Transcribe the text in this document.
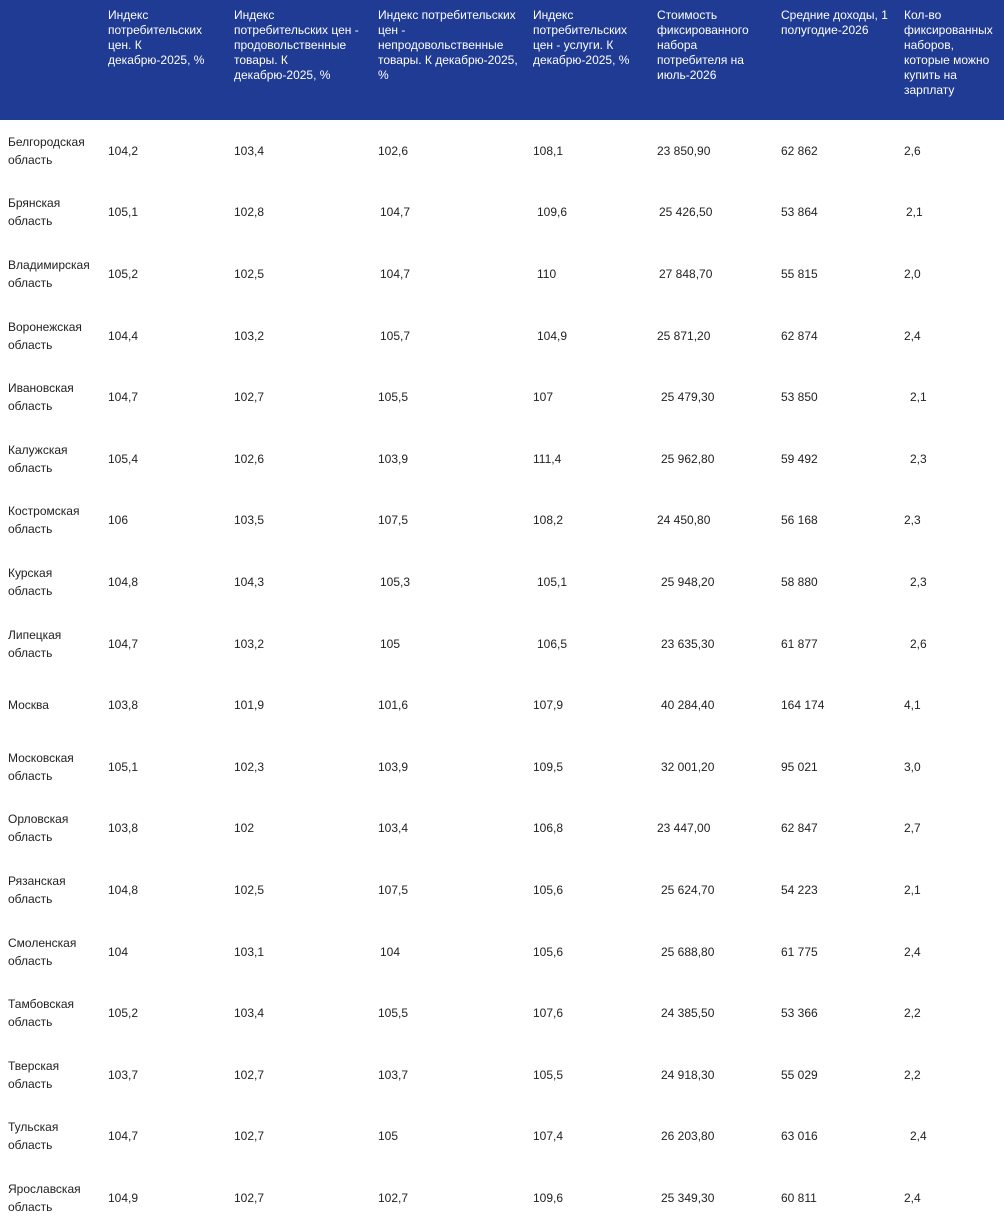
	Индекс потребительских цен. К декабрю-2025, %	Индекс потребительских цен - продовольственные товары. К декабрю-2025, %	Индекс потребительских цен - непродовольственные товары. К декабрю-2025, %	Индекс потребительских цен - услуги. К декабрю-2025, %	Стоимость фиксированного набора потребителя на июль-2026	Средние доходы, 1 полугодие-2026	Кол-во фиксированных наборов, которые можно купить на зарплату
Белгородская область	104,2	103,4	102,6	108,1	23 850,90	62 862	2,6
Брянская область	105,1	102,8	104,7	109,6	25 426,50	53 864	2,1
Владимирская область	105,2	102,5	104,7	110	27 848,70	55 815	2,0
Воронежская область	104,4	103,2	105,7	104,9	25 871,20	62 874	2,4
Ивановская область	104,7	102,7	105,5	107	25 479,30	53 850	2,1
Калужская область	105,4	102,6	103,9	111,4	25 962,80	59 492	2,3
Костромская область	106	103,5	107,5	108,2	24 450,80	56 168	2,3
Курская область	104,8	104,3	105,3	105,1	25 948,20	58 880	2,3
Липецкая область	104,7	103,2	105	106,5	23 635,30	61 877	2,6
Москва	103,8	101,9	101,6	107,9	40 284,40	164 174	4,1
Московская область	105,1	102,3	103,9	109,5	32 001,20	95 021	3,0
Орловская область	103,8	102	103,4	106,8	23 447,00	62 847	2,7
Рязанская область	104,8	102,5	107,5	105,6	25 624,70	54 223	2,1
Смоленская область	104	103,1	104	105,6	25 688,80	61 775	2,4
Тамбовская область	105,2	103,4	105,5	107,6	24 385,50	53 366	2,2
Тверская область	103,7	102,7	103,7	105,5	24 918,30	55 029	2,2
Тульская область	104,7	102,7	105	107,4	26 203,80	63 016	2,4
Ярославская область	104,9	102,7	102,7	109,6	25 349,30	60 811	2,4
